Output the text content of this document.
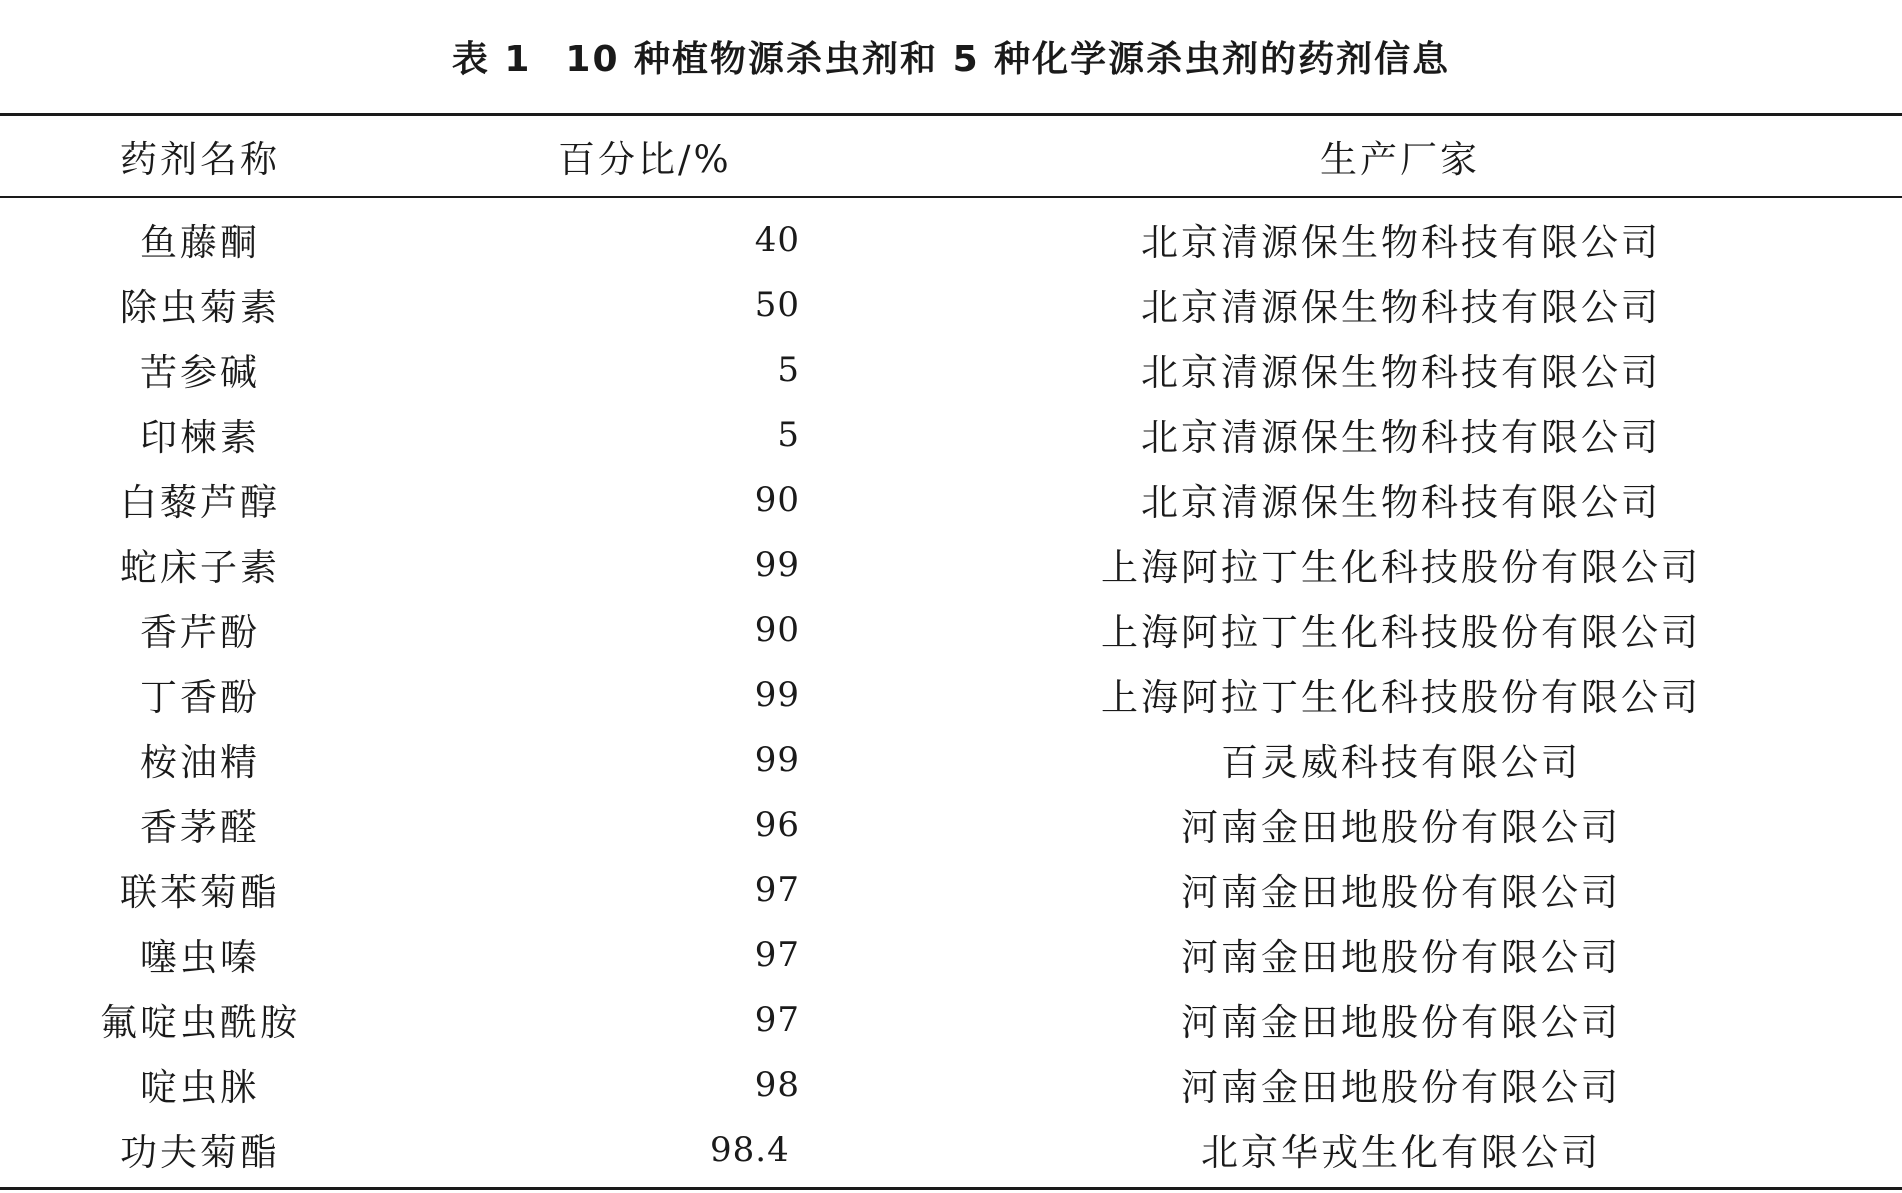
表 1 10 种植物源杀虫剂和 5 种化学源杀虫剂的药剂信息
药剂名称	百分比/%	生产厂家
鱼藤酮	40	北京清源保生物科技有限公司
除虫菊素	50	北京清源保生物科技有限公司
苦参碱	5	北京清源保生物科技有限公司
印楝素	5	北京清源保生物科技有限公司
白藜芦醇	90	北京清源保生物科技有限公司
蛇床子素	99	上海阿拉丁生化科技股份有限公司
香芹酚	90	上海阿拉丁生化科技股份有限公司
丁香酚	99	上海阿拉丁生化科技股份有限公司
桉油精	99	百灵威科技有限公司
香茅醛	96	河南金田地股份有限公司
联苯菊酯	97	河南金田地股份有限公司
噻虫嗪	97	河南金田地股份有限公司
氟啶虫酰胺	97	河南金田地股份有限公司
啶虫脒	98	河南金田地股份有限公司
功夫菊酯	98.4	北京华戎生化有限公司
